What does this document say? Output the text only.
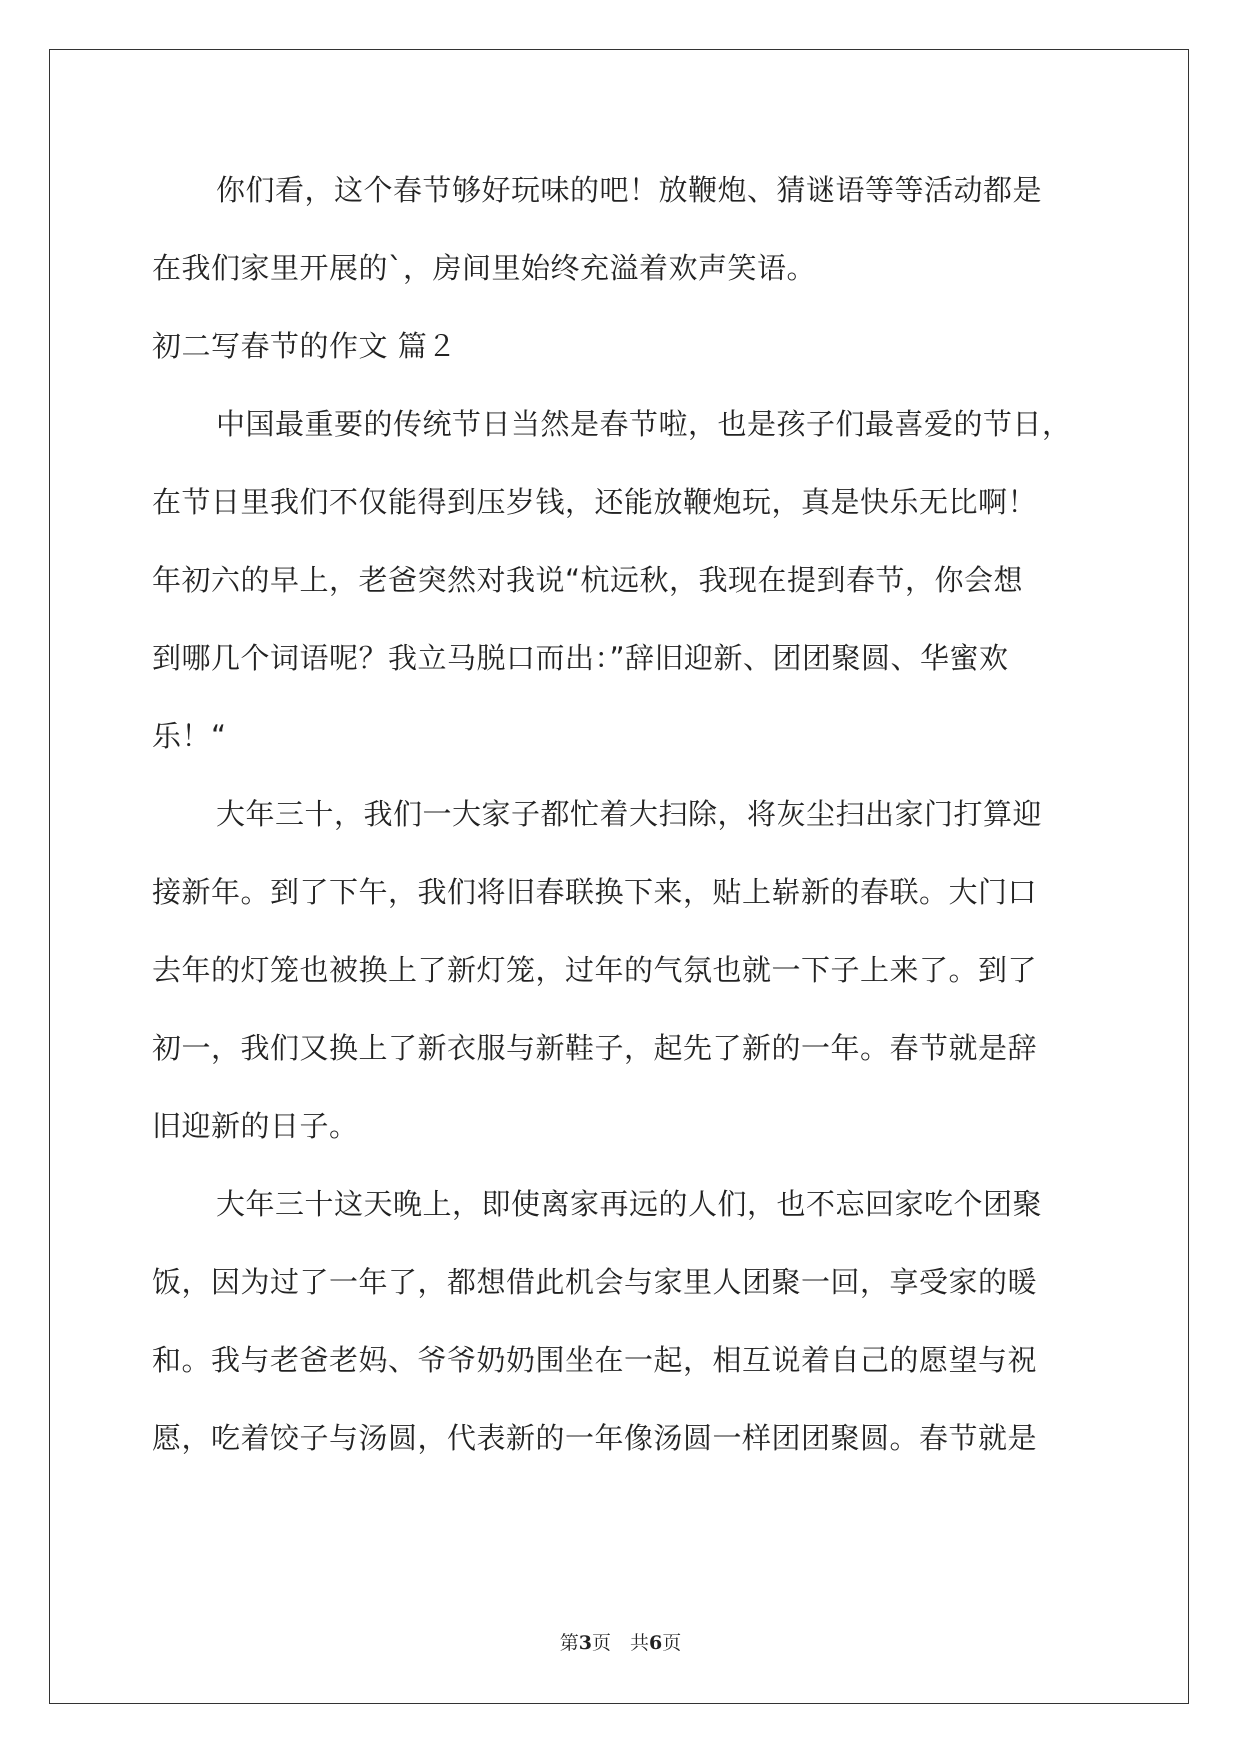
你们看，这个春节够好玩味的吧！放鞭炮、猜谜语等等活动都是
在我们家里开展的`，房间里始终充溢着欢声笑语。
初二写春节的作文 篇２
中国最重要的传统节日当然是春节啦，也是孩子们最喜爱的节日，
在节日里我们不仅能得到压岁钱，还能放鞭炮玩，真是快乐无比啊！
年初六的早上，老爸突然对我说“杭远秋，我现在提到春节，你会想
到哪几个词语呢？我立马脱口而出：”辞旧迎新、团团聚圆、华蜜欢
乐！“
大年三十，我们一大家子都忙着大扫除，将灰尘扫出家门打算迎
接新年。到了下午，我们将旧春联换下来，贴上崭新的春联。大门口
去年的灯笼也被换上了新灯笼，过年的气氛也就一下子上来了。到了
初一，我们又换上了新衣服与新鞋子，起先了新的一年。春节就是辞
旧迎新的日子。
大年三十这天晚上，即使离家再远的人们，也不忘回家吃个团聚
饭，因为过了一年了，都想借此机会与家里人团聚一回，享受家的暖
和。我与老爸老妈、爷爷奶奶围坐在一起，相互说着自己的愿望与祝
愿，吃着饺子与汤圆，代表新的一年像汤圆一样团团聚圆。春节就是
第3页　共6页
